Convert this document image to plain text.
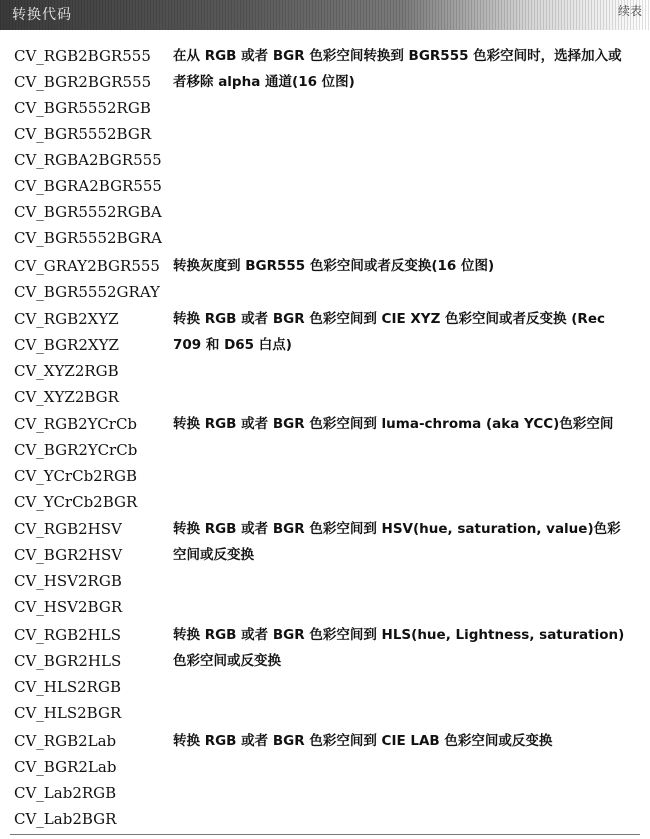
转换代码	续表
CV_RGB2BGR555 在从 RGB 或者 BGR 色彩空间转换到 BGR555 色彩空间时，选择加入或者移除 alpha 通道(16 位图)
CV_BGR2BGR555
CV_BGR5552RGB
CV_BGR5552BGR
CV_RGBA2BGR555
CV_BGRA2BGR555
CV_BGR5552RGBA
CV_BGR5552BGRA
CV_GRAY2BGR555 转换灰度到 BGR555 色彩空间或者反变换(16 位图)
CV_BGR5552GRAY
CV_RGB2XYZ	转换 RGB 或者 BGR 色彩空间到 CIE XYZ 色彩空间或者反变换 (Rec 709 和 D65 白点)
CV_BGR2XYZ
CV_XYZ2RGB
CV_XYZ2BGR
CV_RGB2YCrCb	转换 RGB 或者 BGR 色彩空间到 luma-chroma (aka YCC)色彩空间
CV_BGR2YCrCb
CV_YCrCb2RGB
CV_YCrCb2BGR
CV_RGB2HSV	转换 RGB 或者 BGR 色彩空间到 HSV(hue, saturation, value)色彩空间或反变换
CV_BGR2HSV
CV_HSV2RGB
CV_HSV2BGR
CV_RGB2HLS	转换 RGB 或者 BGR 色彩空间到 HLS(hue, Lightness, saturation)色彩空间或反变换
CV_BGR2HLS
CV_HLS2RGB
CV_HLS2BGR
CV_RGB2Lab	转换 RGB 或者 BGR 色彩空间到 CIE LAB 色彩空间或反变换
CV_BGR2Lab
CV_Lab2RGB
CV_Lab2BGR
